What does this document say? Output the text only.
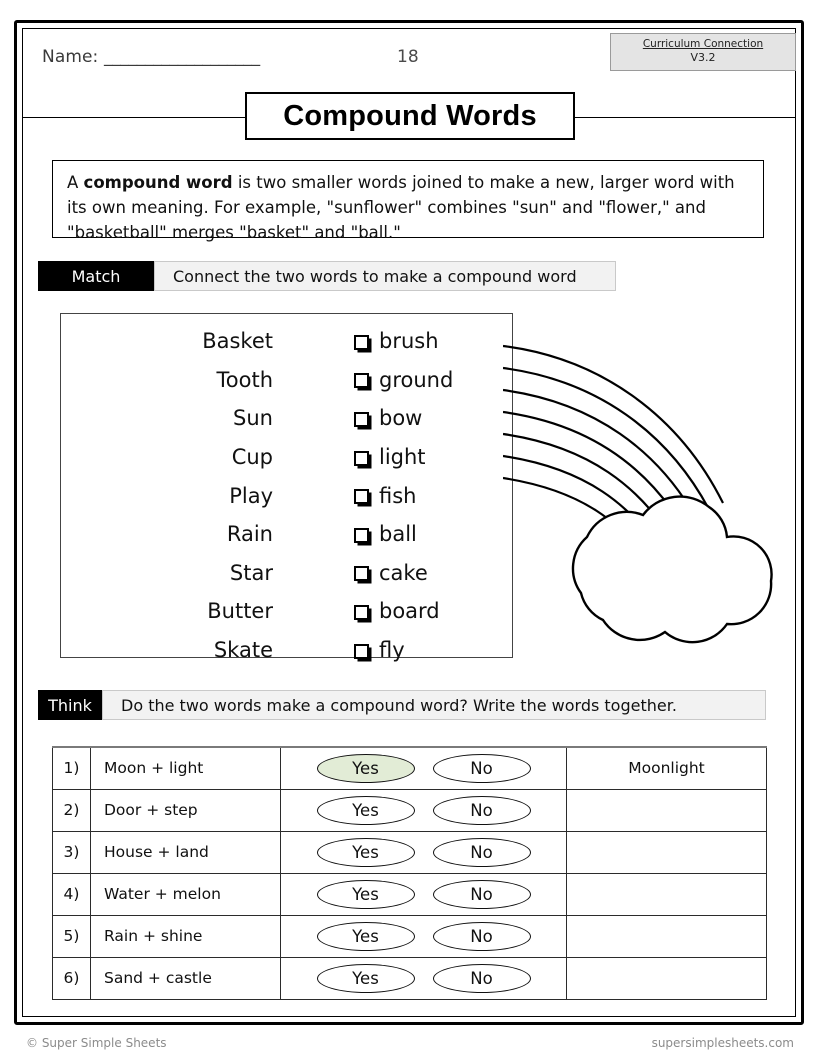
Name: ___________________	18
Curriculum Connection
V3.2
Compound Words
A compound word is two smaller words joined to make a new, larger word with its own meaning. For example, "sunflower" combines "sun" and "flower," and "basketball" merges "basket" and "ball."
Match	Connect the two words to make a compound word
Basket	brush
Tooth	ground
Sun	bow
Cup	light
Play	fish
Rain	ball
Star	cake
Butter	board
Skate	fly
Think	Do the two words make a compound word? Write the words together.
1)	Moon + light	Yes No	Moonlight
2)	Door + step	Yes No	

3)	House + land	Yes No	

4)	Water + melon	Yes No	

5)	Rain + shine	Yes No	

6)	Sand + castle	Yes No	

© Super Simple Sheets	supersimplesheets.com
